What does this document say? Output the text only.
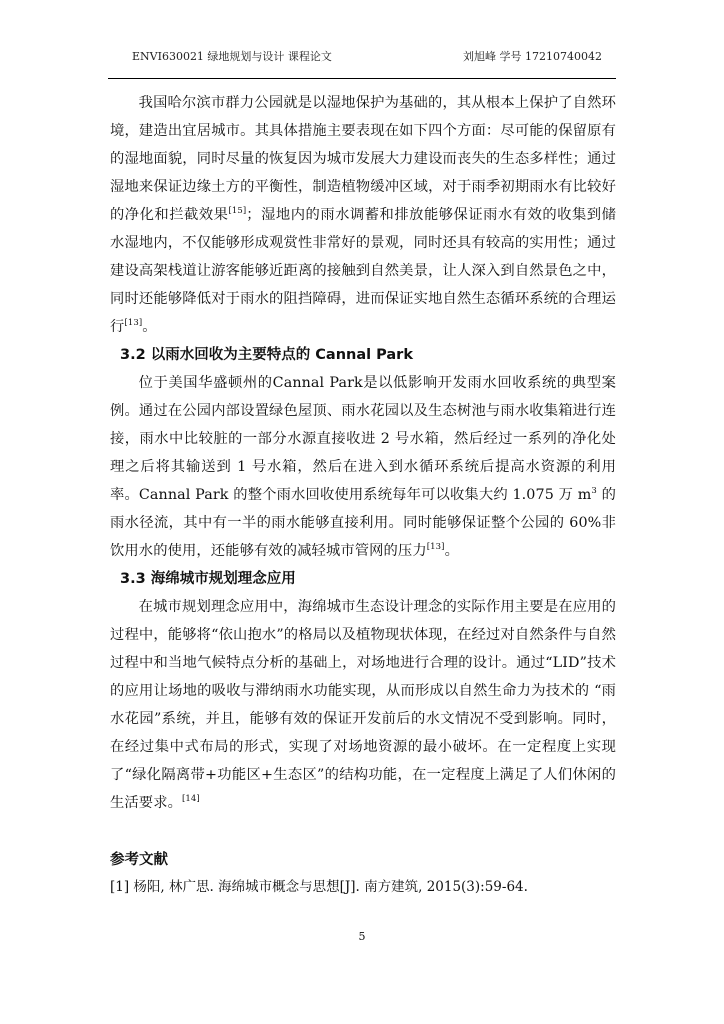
ENVI630021 绿地规划与设计 课程论文	刘旭峰 学号 17210740042

我国哈尔滨市群力公园就是以湿地保护为基础的，其从根本上保护了自然环境，建造出宜居城市。其具体措施主要表现在如下四个方面：尽可能的保留原有的湿地面貌，同时尽量的恢复因为城市发展大力建设而丧失的生态多样性；通过湿地来保证边缘土方的平衡性，制造植物缓冲区域，对于雨季初期雨水有比较好的净化和拦截效果[15]；湿地内的雨水调蓄和排放能够保证雨水有效的收集到储水湿地内，不仅能够形成观赏性非常好的景观，同时还具有较高的实用性；通过建设高架栈道让游客能够近距离的接触到自然美景，让人深入到自然景色之中，同时还能够降低对于雨水的阻挡障碍，进而保证实地自然生态循环系统的合理运行[13]。

3.2 以雨水回收为主要特点的 Cannal Park

位于美国华盛顿州的Cannal Park是以低影响开发雨水回收系统的典型案例。通过在公园内部设置绿色屋顶、雨水花园以及生态树池与雨水收集箱进行连接，雨水中比较脏的一部分水源直接收进 2 号水箱，然后经过一系列的净化处理之后将其输送到 1 号水箱，然后在进入到水循环系统后提高水资源的利用率。Cannal Park 的整个雨水回收使用系统每年可以收集大约 1.075 万 $m^3$ 的雨水径流，其中有一半的雨水能够直接利用。同时能够保证整个公园的 60%非饮用水的使用，还能够有效的减轻城市管网的压力[13]。

3.3 海绵城市规划理念应用

在城市规划理念应用中，海绵城市生态设计理念的实际作用主要是在应用的过程中，能够将“依山抱水”的格局以及植物现状体现，在经过对自然条件与自然过程中和当地气候特点分析的基础上，对场地进行合理的设计。通过“LID”技术的应用让场地的吸收与滞纳雨水功能实现，从而形成以自然生命力为技术的 “雨水花园”系统，并且，能够有效的保证开发前后的水文情况不受到影响。同时，在经过集中式布局的形式，实现了对场地资源的最小破坏。在一定程度上实现了“绿化隔离带+功能区+生态区”的结构功能，在一定程度上满足了人们休闲的生活要求。[14]

参考文献
[1] 杨阳, 林广思. 海绵城市概念与思想[J]. 南方建筑, 2015(3):59-64.
5
